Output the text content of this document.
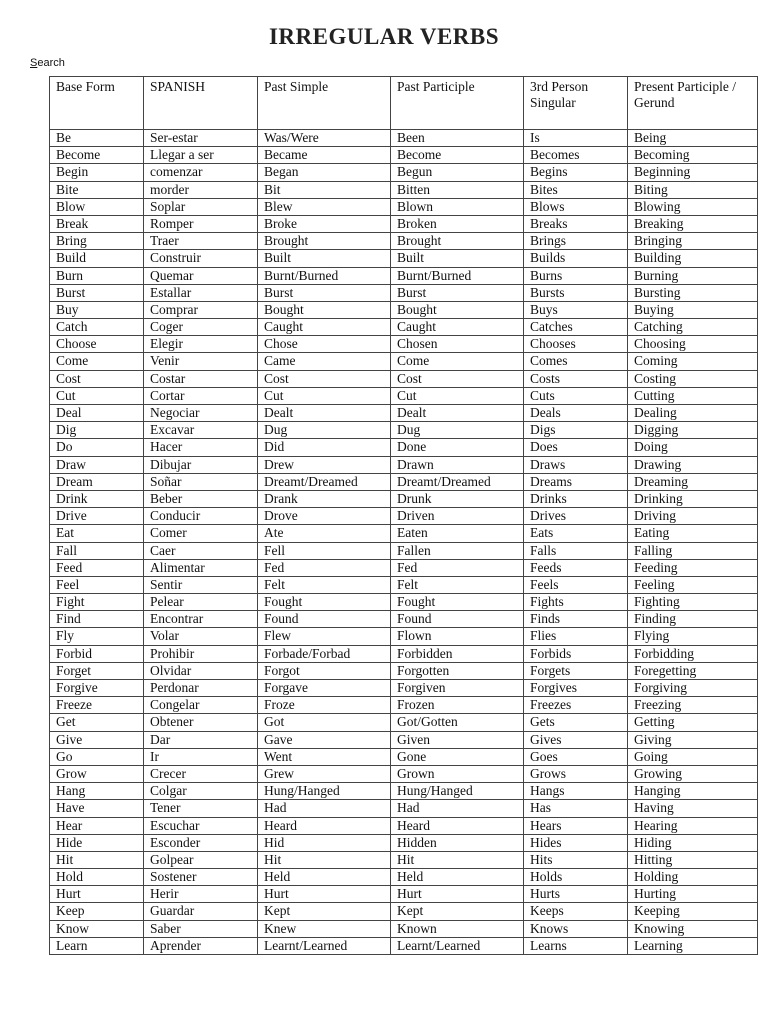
IRREGULAR VERBS
Search
Base Form	SPANISH	Past Simple	Past Participle	3rd Person Singular	Present Participle / Gerund
Be	Ser-estar	Was/Were	Been	Is	Being
Become	Llegar a ser	Became	Become	Becomes	Becoming
Begin	comenzar	Began	Begun	Begins	Beginning
Bite	morder	Bit	Bitten	Bites	Biting
Blow	Soplar	Blew	Blown	Blows	Blowing
Break	Romper	Broke	Broken	Breaks	Breaking
Bring	Traer	Brought	Brought	Brings	Bringing
Build	Construir	Built	Built	Builds	Building
Burn	Quemar	Burnt/Burned	Burnt/Burned	Burns	Burning
Burst	Estallar	Burst	Burst	Bursts	Bursting
Buy	Comprar	Bought	Bought	Buys	Buying
Catch	Coger	Caught	Caught	Catches	Catching
Choose	Elegir	Chose	Chosen	Chooses	Choosing
Come	Venir	Came	Come	Comes	Coming
Cost	Costar	Cost	Cost	Costs	Costing
Cut	Cortar	Cut	Cut	Cuts	Cutting
Deal	Negociar	Dealt	Dealt	Deals	Dealing
Dig	Excavar	Dug	Dug	Digs	Digging
Do	Hacer	Did	Done	Does	Doing
Draw	Dibujar	Drew	Drawn	Draws	Drawing
Dream	Soñar	Dreamt/Dreamed	Dreamt/Dreamed	Dreams	Dreaming
Drink	Beber	Drank	Drunk	Drinks	Drinking
Drive	Conducir	Drove	Driven	Drives	Driving
Eat	Comer	Ate	Eaten	Eats	Eating
Fall	Caer	Fell	Fallen	Falls	Falling
Feed	Alimentar	Fed	Fed	Feeds	Feeding
Feel	Sentir	Felt	Felt	Feels	Feeling
Fight	Pelear	Fought	Fought	Fights	Fighting
Find	Encontrar	Found	Found	Finds	Finding
Fly	Volar	Flew	Flown	Flies	Flying
Forbid	Prohibir	Forbade/Forbad	Forbidden	Forbids	Forbidding
Forget	Olvidar	Forgot	Forgotten	Forgets	Foregetting
Forgive	Perdonar	Forgave	Forgiven	Forgives	Forgiving
Freeze	Congelar	Froze	Frozen	Freezes	Freezing
Get	Obtener	Got	Got/Gotten	Gets	Getting
Give	Dar	Gave	Given	Gives	Giving
Go	Ir	Went	Gone	Goes	Going
Grow	Crecer	Grew	Grown	Grows	Growing
Hang	Colgar	Hung/Hanged	Hung/Hanged	Hangs	Hanging
Have	Tener	Had	Had	Has	Having
Hear	Escuchar	Heard	Heard	Hears	Hearing
Hide	Esconder	Hid	Hidden	Hides	Hiding
Hit	Golpear	Hit	Hit	Hits	Hitting
Hold	Sostener	Held	Held	Holds	Holding
Hurt	Herir	Hurt	Hurt	Hurts	Hurting
Keep	Guardar	Kept	Kept	Keeps	Keeping
Know	Saber	Knew	Known	Knows	Knowing
Learn	Aprender	Learnt/Learned	Learnt/Learned	Learns	Learning
